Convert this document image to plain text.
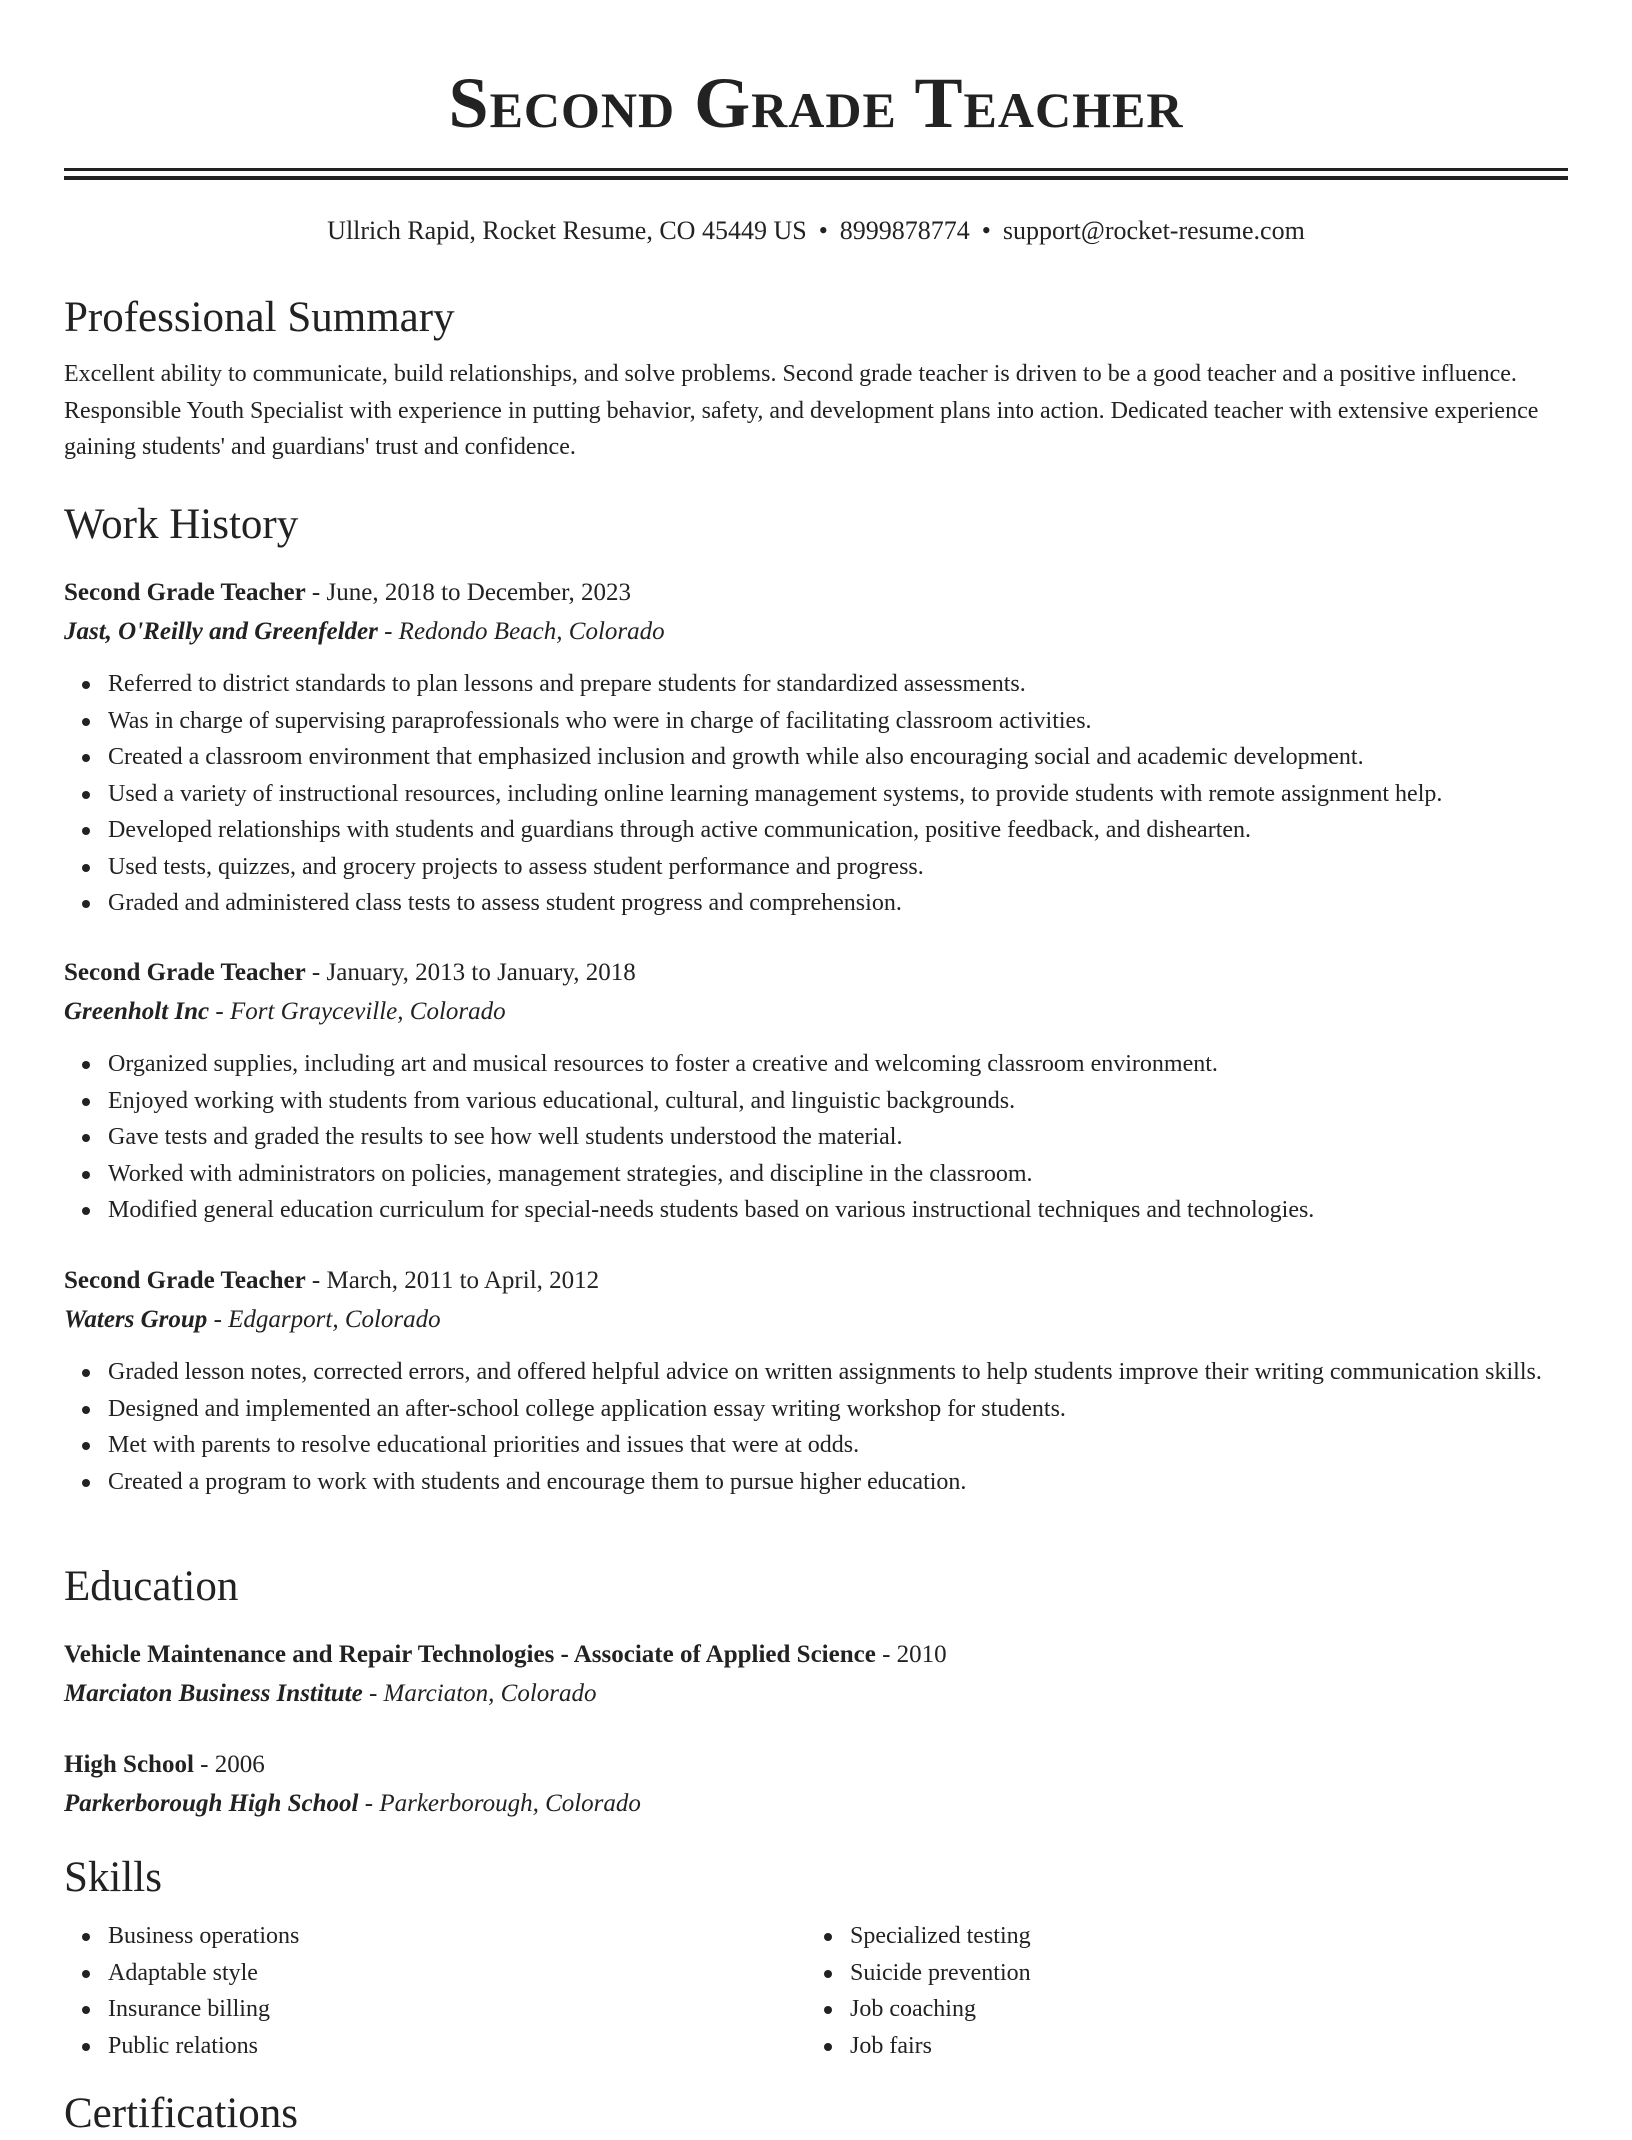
Second Grade Teacher
Ullrich Rapid, Rocket Resume, CO 45449 US • 8999878774 • support@rocket-resume.com
Professional Summary

Excellent ability to communicate, build relationships, and solve problems. Second grade teacher is driven to be a good teacher and a positive influence. Responsible Youth Specialist with experience in putting behavior, safety, and development plans into action. Dedicated teacher with extensive experience gaining students' and guardians' trust and confidence.

Work History

Second Grade Teacher - June, 2018 to December, 2023

Jast, O'Reilly and Greenfelder - Redondo Beach, Colorado

Referred to district standards to plan lessons and prepare students for standardized assessments.
Was in charge of supervising paraprofessionals who were in charge of facilitating classroom activities.
Created a classroom environment that emphasized inclusion and growth while also encouraging social and academic development.
Used a variety of instructional resources, including online learning management systems, to provide students with remote assignment help.
Developed relationships with students and guardians through active communication, positive feedback, and dishearten.
Used tests, quizzes, and grocery projects to assess student performance and progress.
Graded and administered class tests to assess student progress and comprehension.

Second Grade Teacher - January, 2013 to January, 2018

Greenholt Inc - Fort Grayceville, Colorado

Organized supplies, including art and musical resources to foster a creative and welcoming classroom environment.
Enjoyed working with students from various educational, cultural, and linguistic backgrounds.
Gave tests and graded the results to see how well students understood the material.
Worked with administrators on policies, management strategies, and discipline in the classroom.
Modified general education curriculum for special-needs students based on various instructional techniques and technologies.

Second Grade Teacher - March, 2011 to April, 2012

Waters Group - Edgarport, Colorado

Graded lesson notes, corrected errors, and offered helpful advice on written assignments to help students improve their writing communication skills.
Designed and implemented an after-school college application essay writing workshop for students.
Met with parents to resolve educational priorities and issues that were at odds.
Created a program to work with students and encourage them to pursue higher education.
Education

Vehicle Maintenance and Repair Technologies - Associate of Applied Science - 2010

Marciaton Business Institute - Marciaton, Colorado

High School - 2006

Parkerborough High School - Parkerborough, Colorado

Skills
Business operations
Adaptable style
Insurance billing
Public relations
Specialized testing
Suicide prevention
Job coaching
Job fairs
Certifications
